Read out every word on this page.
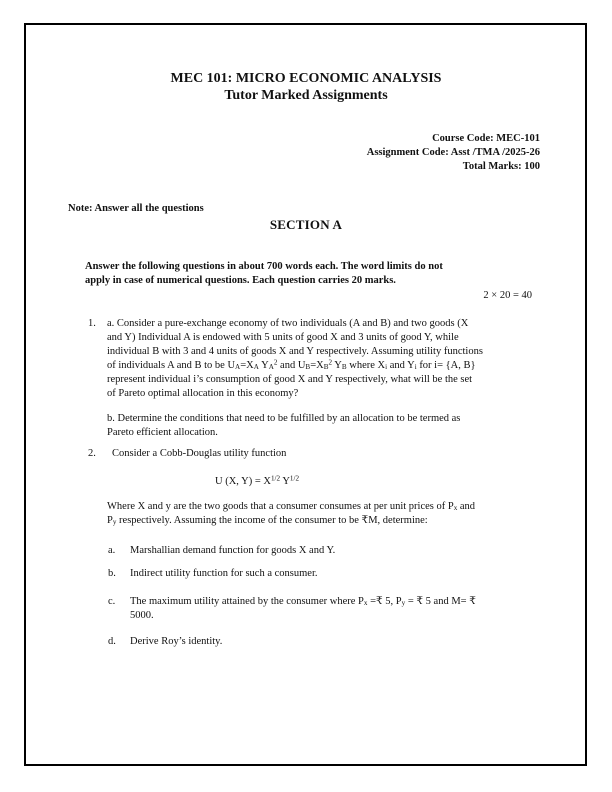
MEC 101: MICRO ECONOMIC ANALYSIS
Tutor Marked Assignments
Course Code: MEC-101
Assignment Code: Asst /TMA /2025-26
Total Marks: 100
Note: Answer all the questions
SECTION A
Answer the following questions in about 700 words each. The word limits do not
apply in case of numerical questions. Each question carries 20 marks.
2 × 20 = 40
1.	a. Consider a pure-exchange economy of two individuals (A and B) and two goods (X
and Y) Individual A is endowed with 5 units of good X and 3 units of good Y, while
individual B with 3 and 4 units of goods X and Y respectively. Assuming utility functions
of individuals A and B to be $U_A=X_A$ $Y_A^2$ and $U_B=X_B^2$ $Y_B$ where $X_i$ and $Y_i$ for i= {A, B}
represent individual i’s consumption of good X and Y respectively, what will be the set
of Pareto optimal allocation in this economy?
b. Determine the conditions that need to be fulfilled by an allocation to be termed as
Pareto efficient allocation.
2.	Consider a Cobb-Douglas utility function
U (X, $Y) = X^{1/2}$ $Y^{1/2}$
Where X and y are the two goods that a consumer consumes at per unit prices of $P_x$ and
$P_y$ respectively. Assuming the income of the consumer to be ₹M, determine:
a.	Marshallian demand function for goods X and Y.
b.	Indirect utility function for such a consumer.
c.	The maximum utility attained by the consumer where $P_x$ =₹ 5, $P_y$ = ₹ 5 and M= ₹
5000.
d.	Derive Roy’s identity.
